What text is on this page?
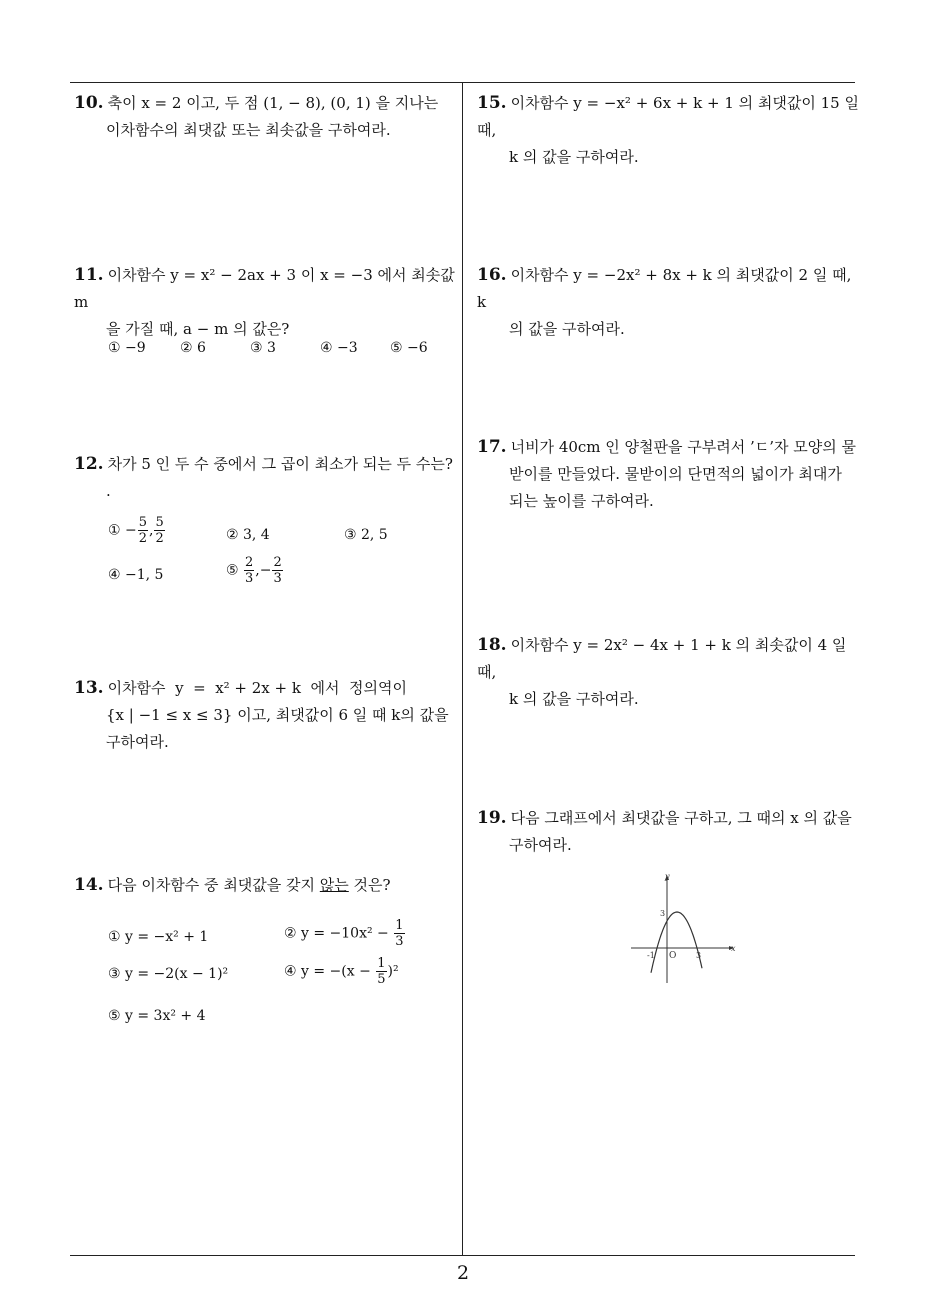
10. 축이 x = 2 이고, 두 점 (1, − 8), (0, 1) 을 지나는
이차함수의 최댓값 또는 최솟값을 구하여라.
11. 이차함수 y = x² − 2ax + 3 이 x = −3 에서 최솟값 m
을 가질 때, a − m 의 값은?
① −9 ② 6	③ 3	④ −3 ⑤ −6
12. 차가 5 인 두 수 중에서 그 곱이 최소가 되는 두 수는?
.
① − $\frac{5}{2}$ , $\frac{5}{2}$	② 3, 4	③ 2, 5
④ −1, 5	⑤ $\frac{2}{3}$ ,− $\frac{2}{3}$
13. 이차함수  y  =  x² + 2x + k  에서  정의역이
{x | −1 ≤ x ≤ 3} 이고, 최댓값이 6 일 때 k의 값을
구하여라.
14. 다음 이차함수 중 최댓값을 갖지 않는 것은?
① y = −x² + 1	② $y = -10x^2 - \frac{1}{3}$
③ y = −2(x − 1)²	④ $y = -(x - \frac{1}{5} )^2$
⑤ y = 3x² + 4
15. 이차함수 y = −x² + 6x + k + 1 의 최댓값이 15 일 때,
k 의 값을 구하여라.
16. 이차함수 y = −2x² + 8x + k 의 최댓값이 2 일 때, k
의 값을 구하여라.
17. 너비가 40cm 인 양철판을 구부려서 ’ㄷ’자 모양의 물
받이를 만들었다. 물받이의 단면적의 넓이가 최대가
되는 높이를 구하여라.
18. 이차함수 y = 2x² − 4x + 1 + k 의 최솟값이 4 일 때,
k 의 값을 구하여라.
19. 다음 그래프에서 최댓값을 구하고, 그 때의 x 의 값을
구하여라.
y
x
O
3
-1	3
2
